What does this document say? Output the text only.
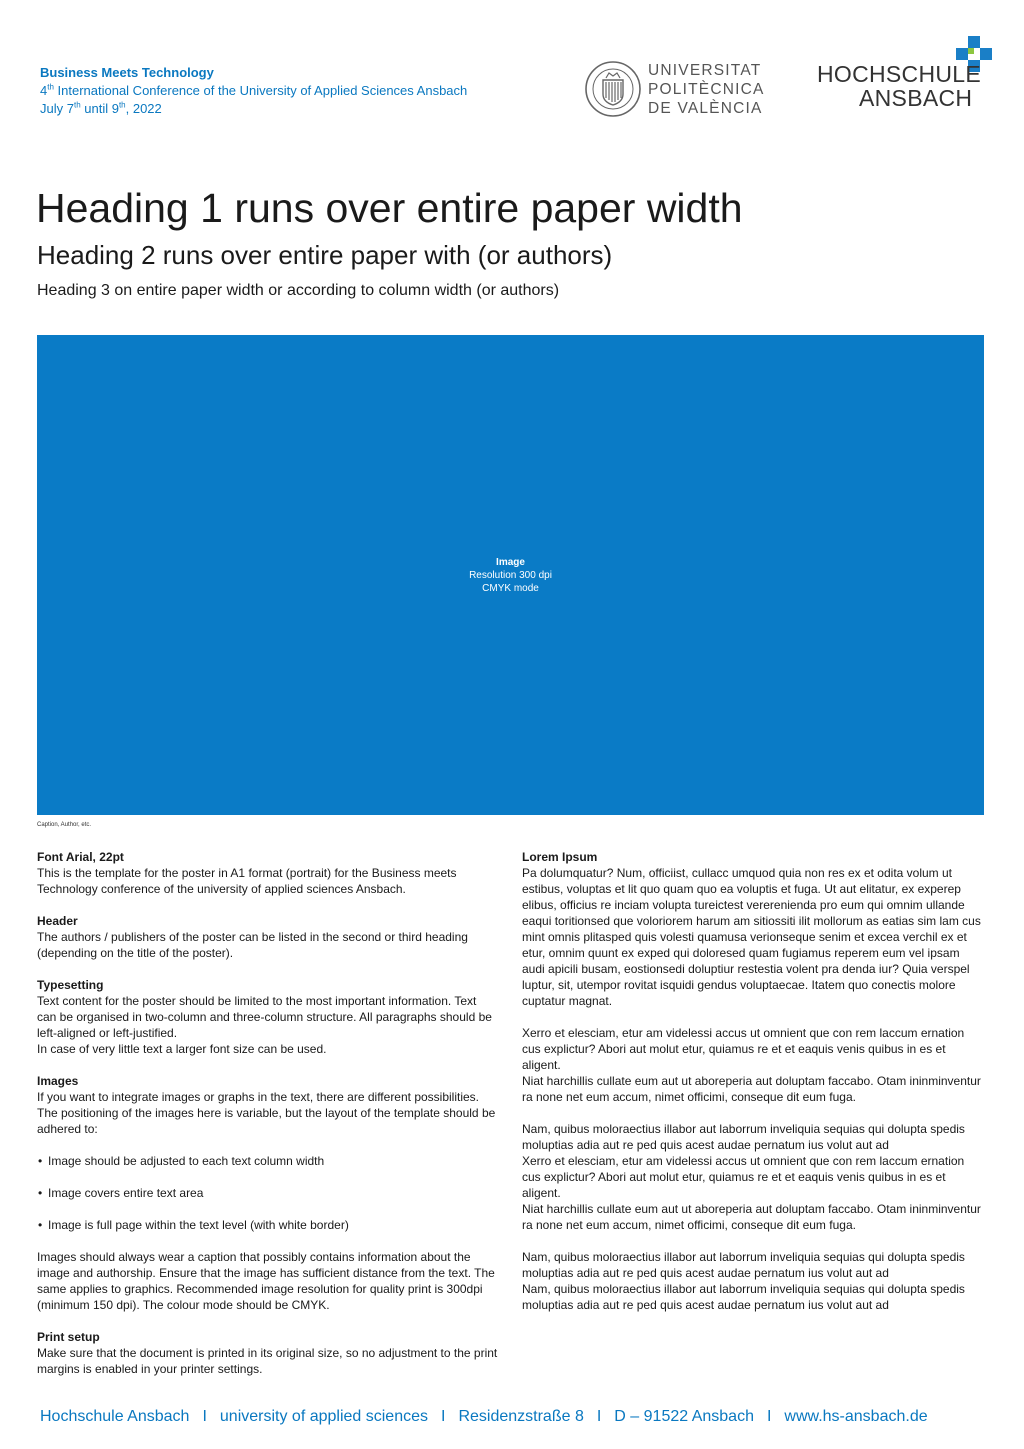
Business Meets Technology
4th International Conference of the University of Applied Sciences Ansbach
July 7th until 9th, 2022
UNIVERSITAT
POLITÈCNICA
DE VALÈNCIA
HOCHSCHULE
ANSBACH
Heading 1 runs over entire paper width
Heading 2 runs over entire paper with (or authors)
Heading 3 on entire paper width or according to column width (or authors)
Image
Resolution 300 dpi
CMYK mode
Caption, Author, etc.

Font Arial, 22pt

This is the template for the poster in A1 format (portrait) for the Business meets Technology conference of the university of applied sciences Ansbach.

Header

The authors / publishers of the poster can be listed in the second or third heading (depending on the title of the poster).

Typesetting

Text content for the poster should be limited to the most important information. Text can be organised in two-column and three-column structure. All paragraphs should be left-aligned or left-justified.

In case of very little text a larger font size can be used.

Images

If you want to integrate images or graphs in the text, there are different possibilities. The positioning of the images here is variable, but the layout of the template should be adhered to:

• Image should be adjusted to each text column width

• Image covers entire text area

• Image is full page within the text level (with white border)

Images should always wear a caption that possibly contains information about the image and authorship. Ensure that the image has sufficient distance from the text. The same applies to graphics. Recommended image resolution for quality print is 300dpi (minimum 150 dpi). The colour mode should be CMYK.

Print setup

Make sure that the document is printed in its original size, so no adjustment to the print margins is enabled in your printer settings.

Lorem Ipsum

Pa dolumquatur? Num, officiist, cullacc umquod quia non res ex et odita volum ut estibus, voluptas et lit quo quam quo ea voluptis et fuga. Ut aut elitatur, ex experep elibus, officius re inciam volupta tureictest vererenienda pro eum qui omnim ullande eaqui toritionsed que voloriorem harum am sitiossiti ilit mollorum as eatias sim lam cus mint omnis plitasped quis volesti quamusa verionseque senim et excea verchil ex et etur, omnim quunt ex exped qui doloresed quam fugiamus reperem eum vel ipsam audi apicili busam, eostionsedi doluptiur restestia volent pra denda iur? Quia verspel luptur, sit, utempor rovitat isquidi gendus voluptaecae. Itatem quo conectis molore cuptatur magnat.

Xerro et elesciam, etur am videlessi accus ut omnient que con rem laccum ernation cus explictur? Abori aut molut etur, quiamus re et et eaquis venis quibus in es et aligent.

Niat harchillis cullate eum aut ut aboreperia aut doluptam faccabo. Otam ininminventur ra none net eum accum, nimet officimi, conseque dit eum fuga.

Nam, quibus moloraectius illabor aut laborrum inveliquia sequias qui dolupta spedis moluptias adia aut re ped quis acest audae pernatum ius volut aut ad

Xerro et elesciam, etur am videlessi accus ut omnient que con rem laccum ernation cus explictur? Abori aut molut etur, quiamus re et et eaquis venis quibus in es et aligent.

Niat harchillis cullate eum aut ut aboreperia aut doluptam faccabo. Otam ininminventur ra none net eum accum, nimet officimi, conseque dit eum fuga.

Nam, quibus moloraectius illabor aut laborrum inveliquia sequias qui dolupta spedis moluptias adia aut re ped quis acest audae pernatum ius volut aut ad

Nam, quibus moloraectius illabor aut laborrum inveliquia sequias qui dolupta spedis moluptias adia aut re ped quis acest audae pernatum ius volut aut ad

Hochschule Ansbach I university of applied sciences I Residenzstraße 8 I D – 91522 Ansbach I www.hs-ansbach.de
